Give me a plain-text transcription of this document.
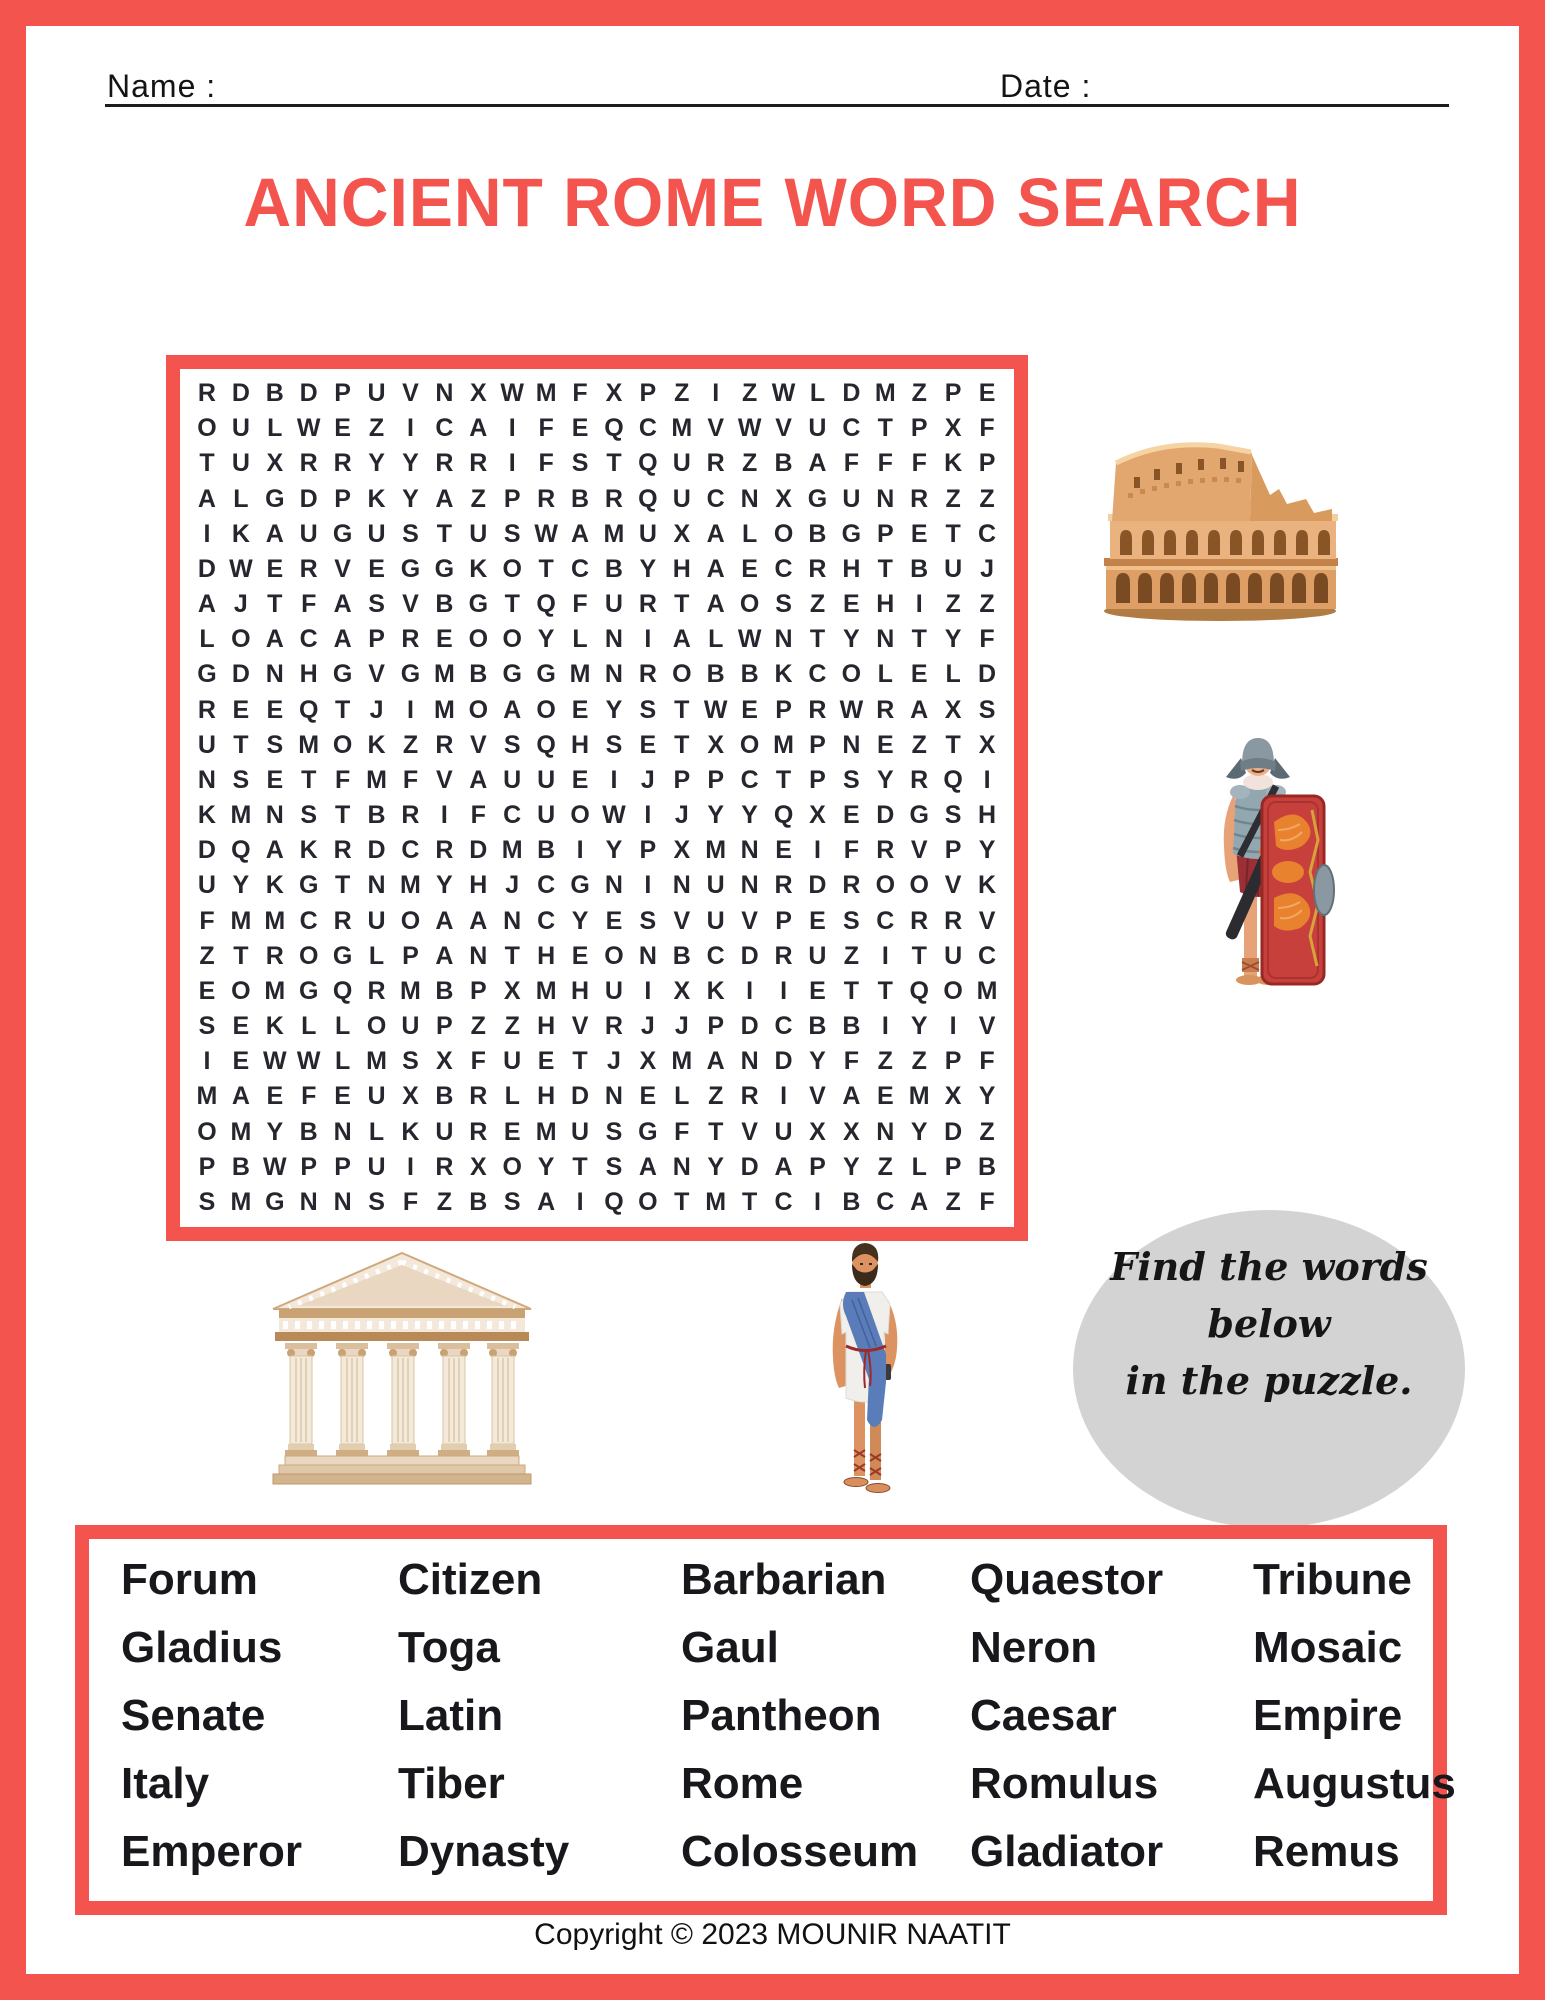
Name :	Date :
ANCIENT ROME WORD SEARCH
R D B D P U V N X W M F X P Z I Z W L D M Z P E
O U L W E Z I C A I F E Q C M V W V U C T P X F
T U X R R Y Y R R I F S T Q U R Z B A F F F K P
A L G D P K Y A Z P R B R Q U C N X G U N R Z Z
I K A U G U S T U S W A M U X A L O B G P E T C
D W E R V E G G K O T C B Y H A E C R H T B U J
A J T F A S V B G T Q F U R T A O S Z E H I Z Z
L O A C A P R E O O Y L N I A L W N T Y N T Y F
G D N H G V G M B G G M N R O B B K C O L E L D
R E E Q T J I M O A O E Y S T W E P R W R A X S
U T S M O K Z R V S Q H S E T X O M P N E Z T X
N S E T F M F V A U U E I J P P C T P S Y R Q I
K M N S T B R I F C U O W I J Y Y Q X E D G S H
D Q A K R D C R D M B I Y P X M N E I F R V P Y
U Y K G T N M Y H J C G N I N U N R D R O O V K
F M M C R U O A A N C Y E S V U V P E S C R R V
Z T R O G L P A N T H E O N B C D R U Z I T U C
E O M G Q R M B P X M H U I X K I	I E T T Q O M
S E K L L O U P Z Z H V R J J P D C B B I Y I V
I E W W L M S X F U E T J X M A N D Y F Z Z P F
M A E F E U X B R L H D N E L Z R I V A E M X Y
O M Y B N L K U R E M U S G F T V U X X N Y D Z
P B W P P U I R X O Y T S A N Y D A P Y Z L P B
S M G N N S F Z B S A I Q O T M T C I B C A Z F
Find the words below
in the puzzle.
Forum
Gladius
Senate
Italy
Emperor
Citizen
Toga
Latin
Tiber
Dynasty
Barbarian
Gaul
Pantheon
Rome
Colosseum
Quaestor
Neron
Caesar
Romulus
Gladiator
Tribune
Mosaic
Empire
Augustus
Remus
Copyright © 2023 MOUNIR NAATIT
